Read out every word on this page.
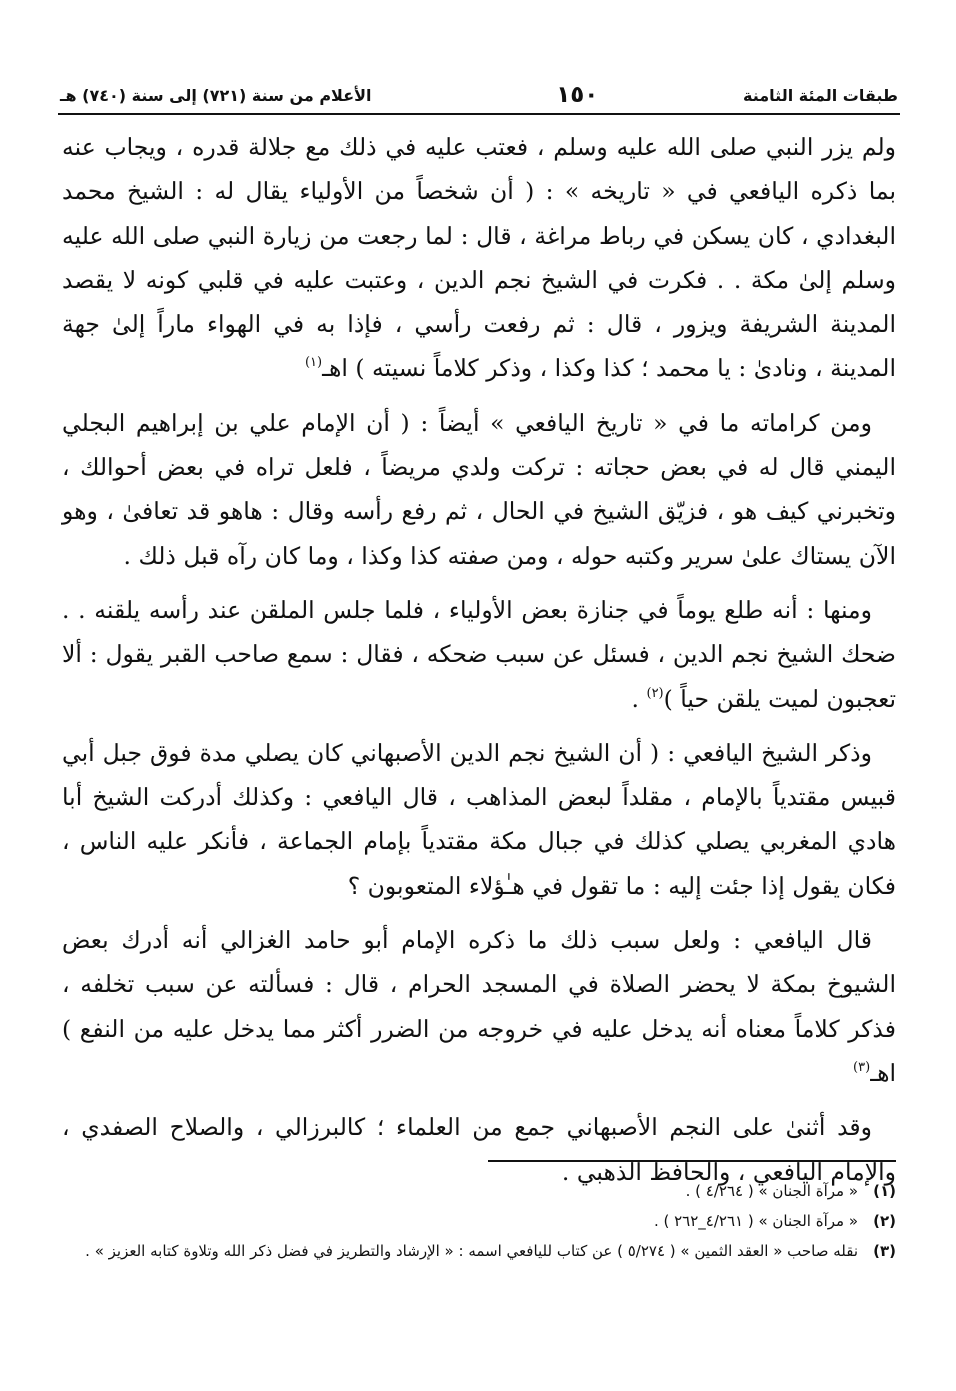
طبقات المئة الثامنة
١٥٠
الأعلام من سنة (٧٢١) إلى سنة (٧٤٠) هـ

ولم يزر النبي صلى الله عليه وسلم ، فعتب عليه في ذلك مع جلالة قدره ، ويجاب عنه بما ذكره اليافعي في « تاريخه » : ( أن شخصاً من الأولياء يقال له : الشيخ محمد البغدادي ، كان يسكن في رباط مراغة ، قال : لما رجعت من زيارة النبي صلى الله عليه وسلم إلىٰ مكة . . فكرت في الشيخ نجم الدين ، وعتبت عليه في قلبي كونه لا يقصد المدينة الشريفة ويزور ، قال : ثم رفعت رأسي ، فإذا به في الهواء ماراً إلىٰ جهة المدينة ، ونادىٰ : يا محمد ؛ كذا وكذا ، وذكر كلاماً نسيته ) اهـ$^{(١)}$

ومن كراماته ما في « تاريخ اليافعي » أيضاً : ( أن الإمام علي بن إبراهيم البجلي اليمني قال له في بعض حجاته : تركت ولدي مريضاً ، فلعل تراه في بعض أحوالك ، وتخبرني كيف هو ، فزيّق الشيخ في الحال ، ثم رفع رأسه وقال : هاهو قد تعافىٰ ، وهو الآن يستاك علىٰ سرير وكتبه حوله ، ومن صفته كذا وكذا ، وما كان رآه قبل ذلك .

ومنها : أنه طلع يوماً في جنازة بعض الأولياء ، فلما جلس الملقن عند رأسه يلقنه . . ضحك الشيخ نجم الدين ، فسئل عن سبب ضحكه ، فقال : سمع صاحب القبر يقول : ألا تعجبون لميت يلقن حياً )$^{(٢)}$ .

وذكر الشيخ اليافعي : ( أن الشيخ نجم الدين الأصبهاني كان يصلي مدة فوق جبل أبي قبيس مقتدياً بالإمام ، مقلداً لبعض المذاهب ، قال اليافعي : وكذلك أدركت الشيخ أبا هادي المغربي يصلي كذلك في جبال مكة مقتدياً بإمام الجماعة ، فأنكر عليه الناس ، فكان يقول إذا جئت إليه : ما تقول في هـٰؤلاء المتعوبون ؟

قال اليافعي : ولعل سبب ذلك ما ذكره الإمام أبو حامد الغزالي أنه أدرك بعض الشيوخ بمكة لا يحضر الصلاة في المسجد الحرام ، قال : فسألته عن سبب تخلفه ، فذكر كلاماً معناه أنه يدخل عليه في خروجه من الضرر أكثر مما يدخل عليه من النفع ) اهـ$^{(٣)}$

وقد أثنىٰ على النجم الأصبهاني جمع من العلماء ؛ كالبرزالي ، والصلاح الصفدي ، والإمام اليافعي ، والحافظ الذهبي .

(١)
« مرآة الجنان » ( ٤/٢٦٤ ) .
(٢)
« مرآة الجنان » ( ٤/٢٦١_٢٦٢ ) .
(٣)
نقله صاحب « العقد الثمين » ( ٥/٢٧٤ ) عن كتاب لليافعي اسمه : « الإرشاد والتطريز في فضل ذكر الله وتلاوة كتابه العزيز » .
